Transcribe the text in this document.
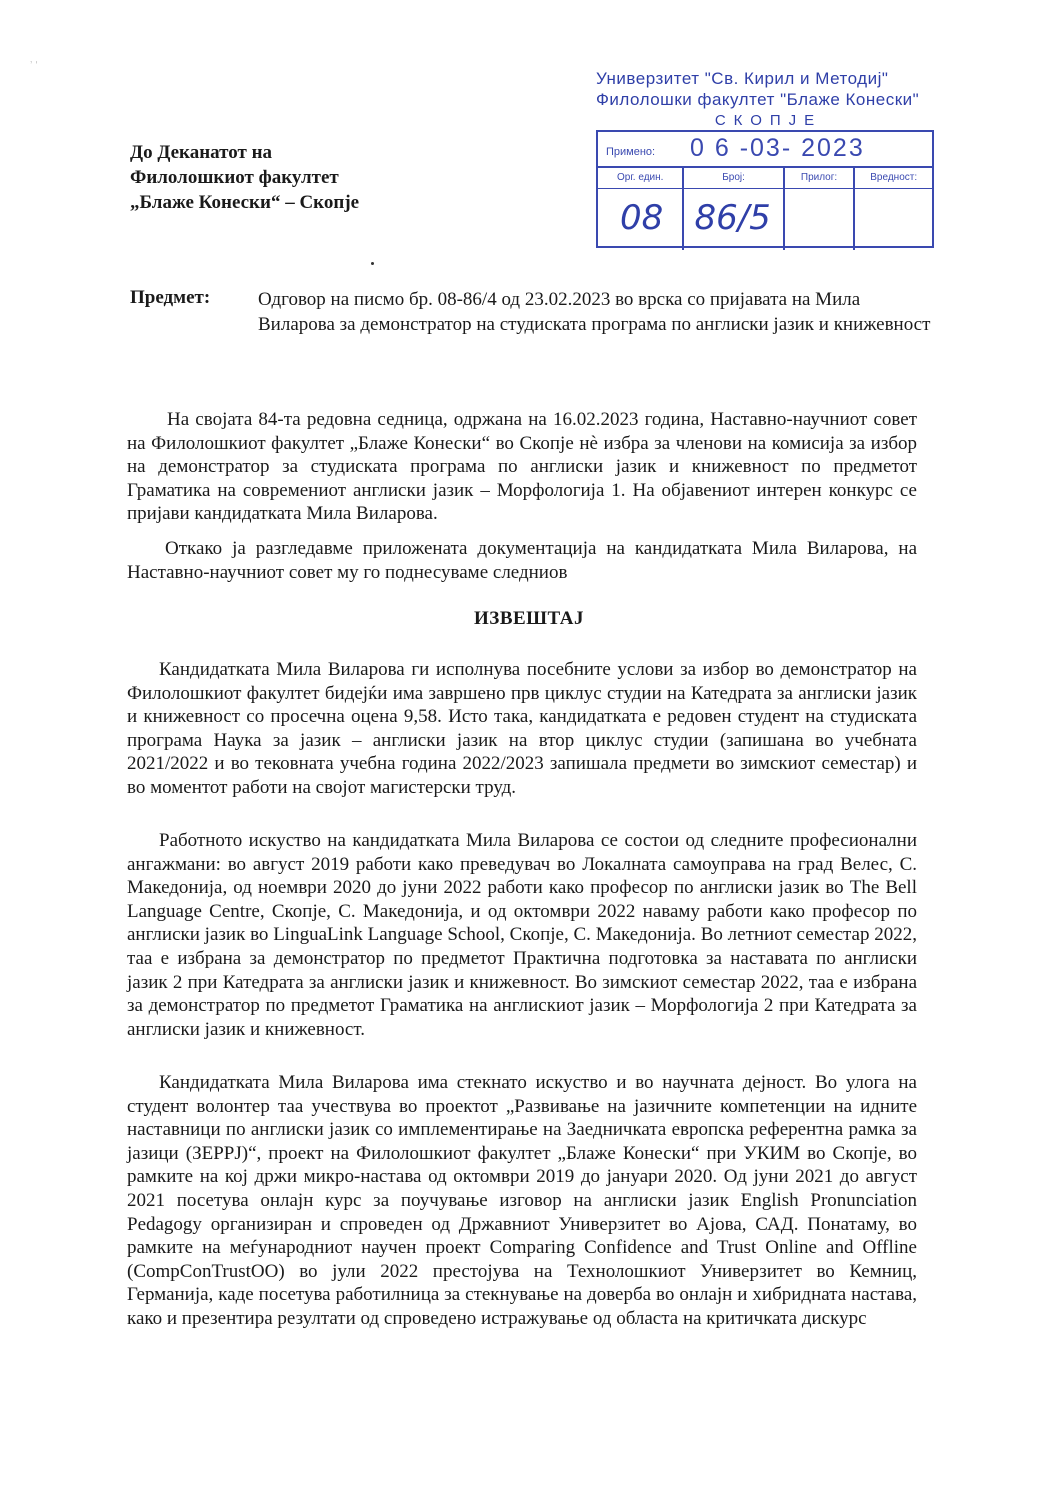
ʼ ʹ
Универзитет "Св. Кирил и Методиј"
Филолошки факултет "Блаже Конески"
СКОПЈЕ
Примено: 0 6 -03- 2023
Орг. един.
08
Број:
86/5
Прилог:	Вредност:
До Деканатот на
Филолошкиот факултет
„Блаже Конески“ – Скопје
Предмет:	Одговор на писмо бр. 08-86/4 од 23.02.2023 во врска со пријавата на Мила Виларова за демонстратор на студиската програма по англиски јазик и книжевност
На својата 84-та редовна седница, одржана на 16.02.2023 година, Наставно-научниот совет на Филолошкиот факултет „Блаже Конески“ во Скопје нè избра за членови на комисија за избор на демонстратор за студиската програма по англиски јазик и книжевност по предметот Граматика на современиот англиски јазик – Морфологија 1. На објавениот интерен конкурс се пријави кандидатката Мила Виларова.
Откако ја разгледавме приложената документација на кандидатката Мила Виларова, на Наставно-научниот совет му го поднесуваме следниов
ИЗВЕШТАЈ
Кандидатката Мила Виларова ги исполнува посебните услови за избор во демонстратор на Филолошкиот факултет бидејќи има завршено прв циклус студии на Катедрата за англиски јазик и книжевност со просечна оцена 9,58. Исто така, кандидатката е редовен студент на студиската програма Наука за јазик – англиски јазик на втор циклус студии (запишана во учебната 2021/2022 и во тековната учебна година 2022/2023 запишала предмети во зимскиот семестар) и во моментот работи на својот магистерски труд.
Работното искуство на кандидатката Мила Виларова се состои од следните професионални ангажмани: во август 2019 работи како преведувач во Локалната самоуправа на град Велес, С. Македонија, од ноември 2020 до јуни 2022 работи како професор по англиски јазик во The Bell Language Centre, Скопје, С. Македонија, и од октомври 2022 наваму работи како професор по англиски јазик во LinguaLink Language School, Скопје, С. Македонија. Во летниот семестар 2022, таа е избрана за демонстратор по предметот Практична подготовка за наставата по англиски јазик 2 при Катедрата за англиски јазик и книжевност. Во зимскиот семестар 2022, таа е избрана за демонстратор по предметот Граматика на англискиот јазик – Морфологија 2 при Катедрата за англиски јазик и книжевност.
Кандидатката Мила Виларова има стекнато искуство и во научната дејност. Во улога на студент волонтер таа учествува во проектот „Развивање на јазичните компетенции на идните наставници по англиски јазик со имплементирање на Заедничката европска референтна рамка за јазици (ЗЕРРЈ)“, проект на Филолошкиот факултет „Блаже Конески“ при УКИМ во Скопје, во рамките на кој држи микро-настава од октомври 2019 до јануари 2020. Од јуни 2021 до август 2021 посетува онлајн курс за поучување изговор на англиски јазик English Pronunciation Pedagogy организиран и спроведен од Државниот Универзитет во Ајова, САД. Понатаму, во рамките на меѓународниот научен проект Comparing Confidence and Trust Online and Offline (CompConTrustOO) во јули 2022 престојува на Технолошкиот Универзитет во Кемниц, Германија, каде посетува работилница за стекнување на доверба во онлајн и хибридната настава, како и презентира резултати од спроведено истражување од областа на критичката дискурс
